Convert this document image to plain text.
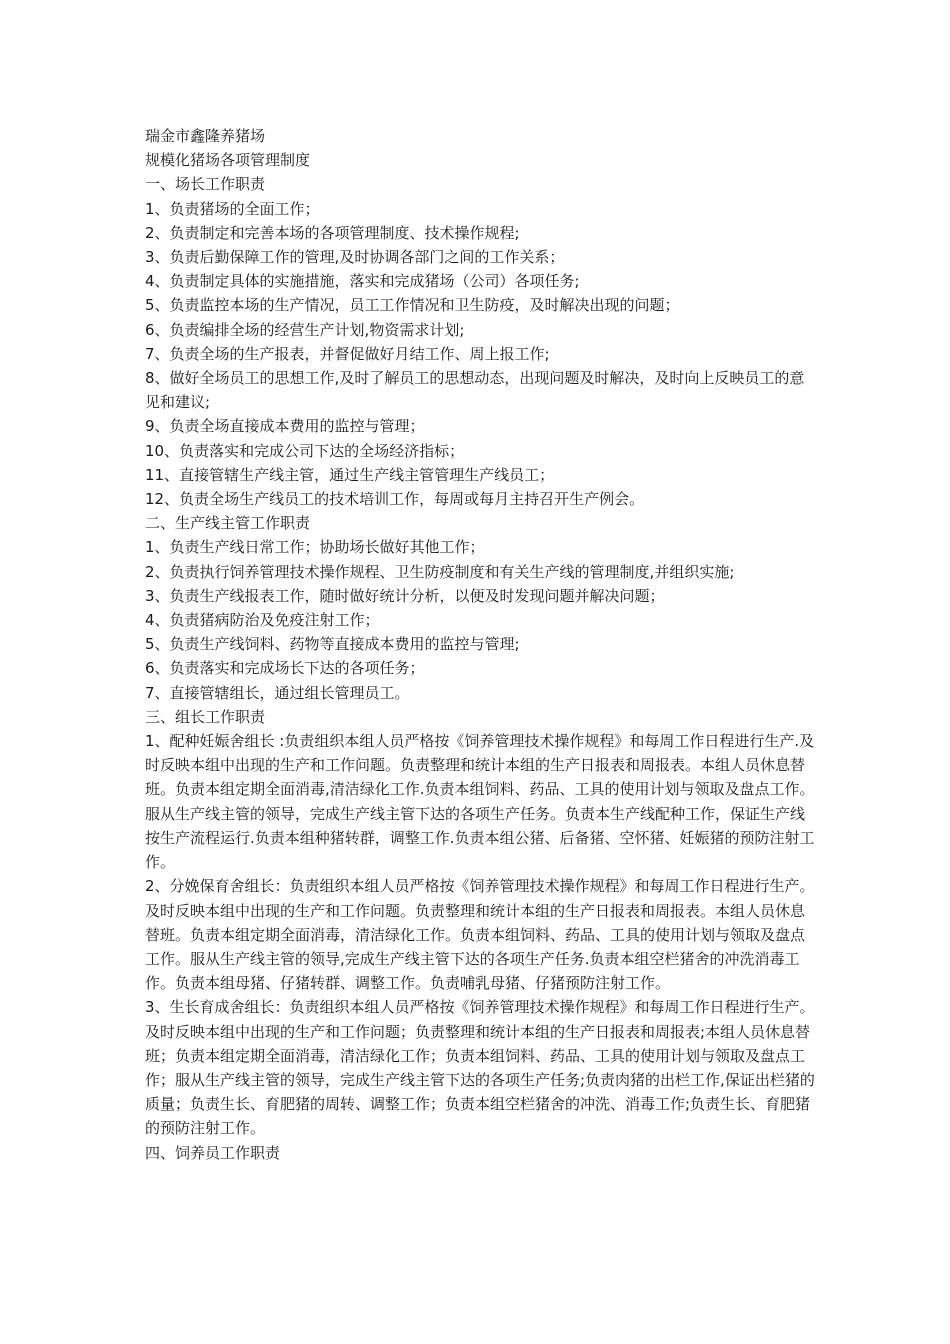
瑞金市鑫隆养猪场

规模化猪场各项管理制度

一、场长工作职责

1、负责猪场的全面工作；

2、负责制定和完善本场的各项管理制度、技术操作规程;

3、负责后勤保障工作的管理,及时协调各部门之间的工作关系；

4、负责制定具体的实施措施，落实和完成猪场（公司）各项任务;

5、负责监控本场的生产情况，员工工作情况和卫生防疫，及时解决出现的问题；

6、负责编排全场的经营生产计划,物资需求计划;

7、负责全场的生产报表，并督促做好月结工作、周上报工作;

8、做好全场员工的思想工作,及时了解员工的思想动态，出现问题及时解决，及时向上反映员工的意见和建议;

9、负责全场直接成本费用的监控与管理；

10、负责落实和完成公司下达的全场经济指标；

11、直接管辖生产线主管，通过生产线主管管理生产线员工；

12、负责全场生产线员工的技术培训工作，每周或每月主持召开生产例会。

二、生产线主管工作职责

1、负责生产线日常工作；协助场长做好其他工作；

2、负责执行饲养管理技术操作规程、卫生防疫制度和有关生产线的管理制度,并组织实施;

3、负责生产线报表工作，随时做好统计分析，以便及时发现问题并解决问题；

4、负责猪病防治及免疫注射工作；

5、负责生产线饲料、药物等直接成本费用的监控与管理;

6、负责落实和完成场长下达的各项任务；

7、直接管辖组长，通过组长管理员工。

三、组长工作职责

1、配种妊娠舍组长 :负责组织本组人员严格按《饲养管理技术操作规程》和每周工作日程进行生产.及时反映本组中出现的生产和工作问题。负责整理和统计本组的生产日报表和周报表。本组人员休息替班。负责本组定期全面消毒,清洁绿化工作.负责本组饲料、药品、工具的使用计划与领取及盘点工作。服从生产线主管的领导，完成生产线主管下达的各项生产任务。负责本生产线配种工作，保证生产线按生产流程运行.负责本组种猪转群，调整工作.负责本组公猪、后备猪、空怀猪、妊娠猪的预防注射工作。

2、分娩保育舍组长：负责组织本组人员严格按《饲养管理技术操作规程》和每周工作日程进行生产。及时反映本组中出现的生产和工作问题。负责整理和统计本组的生产日报表和周报表。本组人员休息替班。负责本组定期全面消毒，清洁绿化工作。负责本组饲料、药品、工具的使用计划与领取及盘点工作。服从生产线主管的领导,完成生产线主管下达的各项生产任务.负责本组空栏猪舍的冲洗消毒工作。负责本组母猪、仔猪转群、调整工作。负责哺乳母猪、仔猪预防注射工作。

3、生长育成舍组长：负责组织本组人员严格按《饲养管理技术操作规程》和每周工作日程进行生产。及时反映本组中出现的生产和工作问题；负责整理和统计本组的生产日报表和周报表;本组人员休息替班；负责本组定期全面消毒，清洁绿化工作；负责本组饲料、药品、工具的使用计划与领取及盘点工作；服从生产线主管的领导，完成生产线主管下达的各项生产任务;负责肉猪的出栏工作,保证出栏猪的质量；负责生长、育肥猪的周转、调整工作；负责本组空栏猪舍的冲洗、消毒工作;负责生长、育肥猪的预防注射工作。

四、饲养员工作职责
